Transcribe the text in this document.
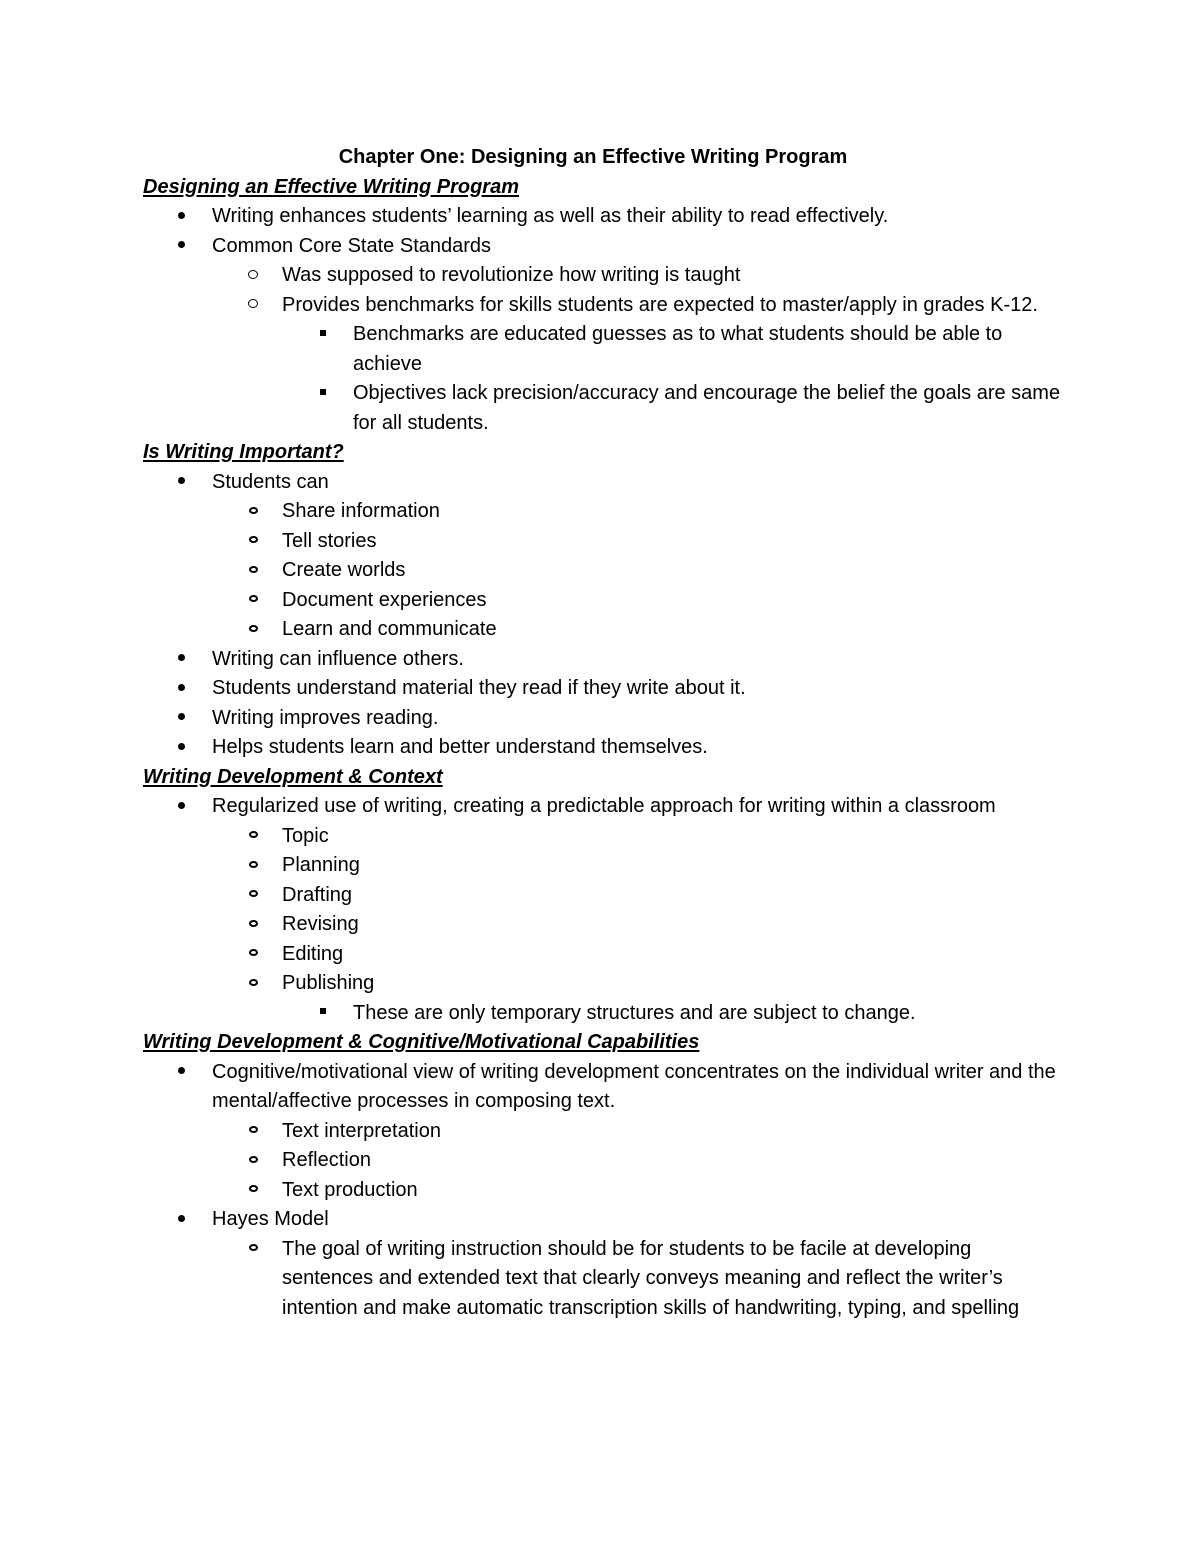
Chapter One: Designing an Effective Writing Program
Designing an Effective Writing Program
Writing enhances students’ learning as well as their ability to read effectively.
Common Core State Standards
Was supposed to revolutionize how writing is taught
Provides benchmarks for skills students are expected to master/apply in grades K-12.
Benchmarks are educated guesses as to what students should be able to achieve
Objectives lack precision/accuracy and encourage the belief the goals are same for all students.
Is Writing Important?
Students can
Share information
Tell stories
Create worlds
Document experiences
Learn and communicate
Writing can influence others.
Students understand material they read if they write about it.
Writing improves reading.
Helps students learn and better understand themselves.
Writing Development & Context
Regularized use of writing, creating a predictable approach for writing within a classroom
Topic
Planning
Drafting
Revising
Editing
Publishing
These are only temporary structures and are subject to change.
Writing Development & Cognitive/Motivational Capabilities
Cognitive/motivational view of writing development concentrates on the individual writer and the mental/affective processes in composing text.
Text interpretation
Reflection
Text production
Hayes Model
The goal of writing instruction should be for students to be facile at developing sentences and extended text that clearly conveys meaning and reflect the writer’s intention and make automatic transcription skills of handwriting, typing, and spelling
